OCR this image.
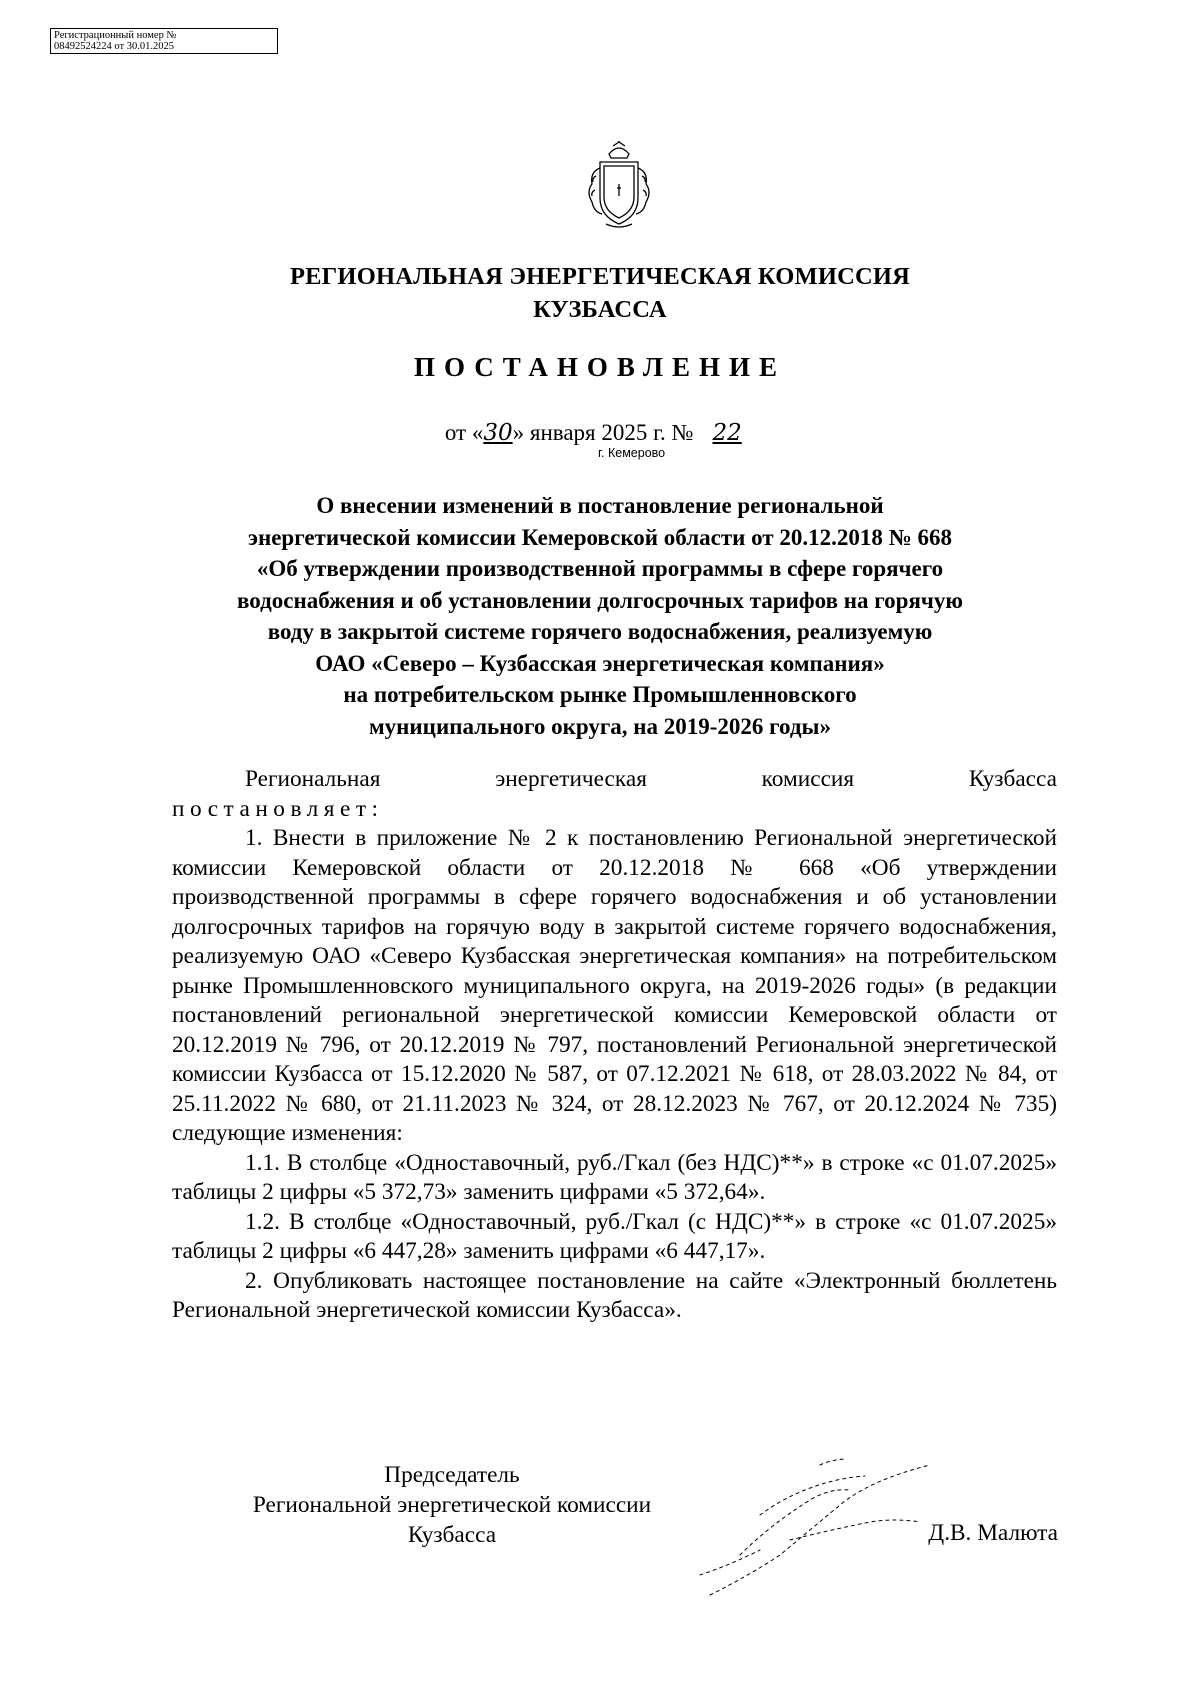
Регистрационный номер №
08492524224 от 30.01.2025
РЕГИОНАЛЬНАЯ ЭНЕРГЕТИЧЕСКАЯ КОМИССИЯ
КУЗБАССА
ПОСТАНОВЛЕНИЕ
от «30» января 2025 г. № 22
г. Кемерово
О внесении изменений в постановление региональной
энергетической комиссии Кемеровской области от 20.12.2018 № 668
«Об утверждении производственной программы в сфере горячего
водоснабжения и об установлении долгосрочных тарифов на горячую
воду в закрытой системе горячего водоснабжения, реализуемую
ОАО «Северо – Кузбасская энергетическая компания»
на потребительском рынке Промышленновского
муниципального округа, на 2019-2026 годы»

Региональная энергетическая комиссия Кузбасса

постановляет:

1. Внести в приложение № 2 к постановлению Региональной энергетической комиссии Кемеровской области от 20.12.2018 № 668 «Об утверждении производственной программы в сфере горячего водоснабжения и об установлении долгосрочных тарифов на горячую воду в закрытой системе горячего водоснабжения, реализуемую ОАО «Северо Кузбасская энергетическая компания» на потребительском рынке Промышленновского муниципального округа, на 2019-2026 годы» (в редакции постановлений региональной энергетической комиссии Кемеровской области от 20.12.2019 № 796, от 20.12.2019 № 797, постановлений Региональной энергетической комиссии Кузбасса от 15.12.2020 № 587, от 07.12.2021 № 618, от 28.03.2022 № 84, от 25.11.2022 № 680, от 21.11.2023 № 324, от 28.12.2023 № 767, от 20.12.2024 № 735) следующие изменения:

1.1. В столбце «Одноставочный, руб./Гкал (без НДС)**» в строке «с 01.07.2025» таблицы 2 цифры «5 372,73» заменить цифрами «5 372,64».

1.2. В столбце «Одноставочный, руб./Гкал (с НДС)**» в строке «с 01.07.2025» таблицы 2 цифры «6 447,28» заменить цифрами «6 447,17».

2. Опубликовать настоящее постановление на сайте «Электронный бюллетень Региональной энергетической комиссии Кузбасса».

Председатель
Региональной энергетической комиссии
Кузбасса	Д.В. Малюта
